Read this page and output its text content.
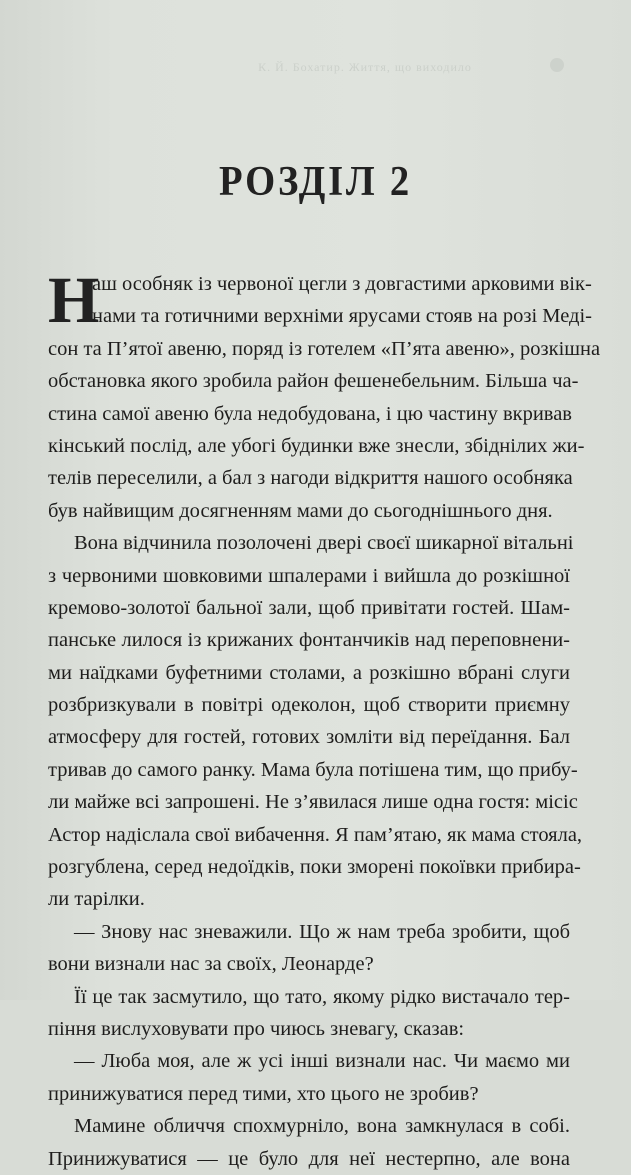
К. Й. Бохатир. Життя, що виходило
РОЗДІЛ 2
Н
аш особняк із червоної цегли з довгастими арковими вік-
нами та готичними верхніми ярусами стояв на розі Меді-
сон та П’ятої авеню, поряд із готелем «П’ята авеню», розкішна
обстановка якого зробила район фешенебельним. Більша ча-
стина самої авеню була недобудована, і цю частину вкривав
кінський послід, але убогі будинки вже знесли, збіднілих жи-
телів переселили, а бал з нагоди відкриття нашого особняка
був найвищим досягненням мами до сьогоднішнього дня.
Вона відчинила позолочені двері своєї шикарної вітальні
з червоними шовковими шпалерами і вийшла до розкішної
кремово-золотої бальної зали, щоб привітати гостей. Шам-
панське лилося із крижаних фонтанчиків над переповнени-
ми наїдками буфетними столами, а розкішно вбрані слуги
розбризкували в повітрі одеколон, щоб створити приємну
атмосферу для гостей, готових зомліти від переїдання. Бал
тривав до самого ранку. Мама була потішена тим, що прибу-
ли майже всі запрошені. Не з’явилася лише одна гостя: місіс
Астор надіслала свої вибачення. Я пам’ятаю, як мама стояла,
розгублена, серед недоїдків, поки зморені покоївки прибира-
ли тарілки.
— Знову нас зневажили. Що ж нам треба зробити, щоб
вони визнали нас за своїх, Леонарде?
Її це так засмутило, що тато, якому рідко вистачало тер-
піння вислуховувати про чиюсь зневагу, сказав:
— Люба моя, але ж усі інші визнали нас. Чи маємо ми
принижуватися перед тими, хто цього не зробив?
Мамине обличчя спохмурніло, вона замкнулася в собі.
Принижуватися — це було для неї нестерпно, але вона
